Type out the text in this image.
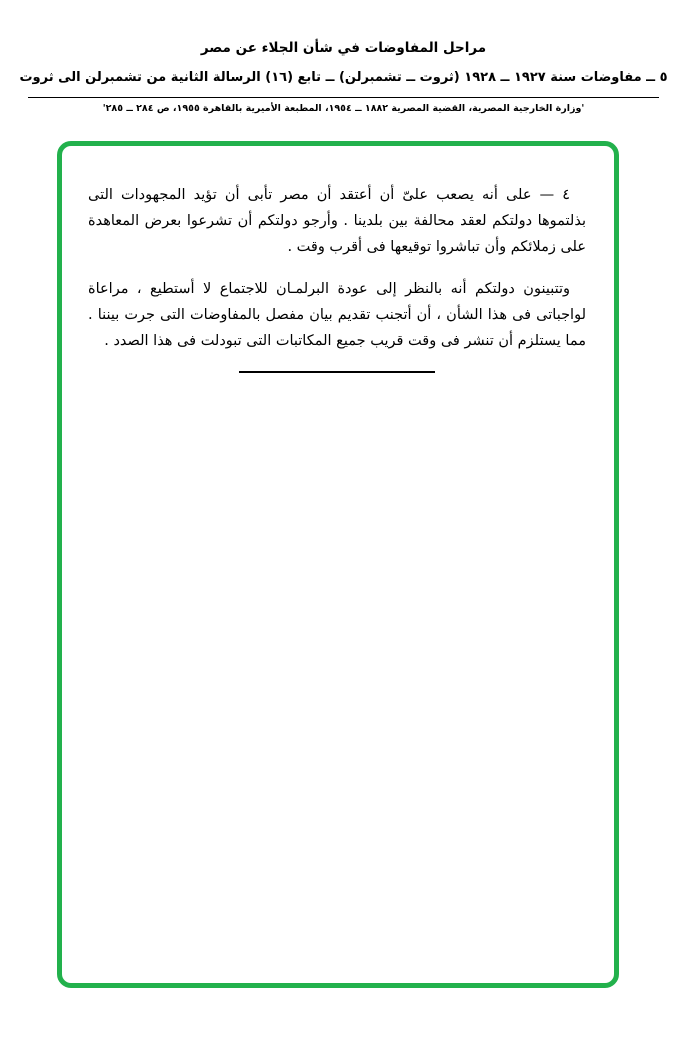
مراحل المفاوضات في شأن الجلاء عن مصر
٥ ــ مفاوضات سنة ١٩٢٧ ــ ١٩٢٨ (ثروت ــ تشمبرلن) ــ تابع (١٦) الرسالة الثانية من تشمبرلن الى ثروت
'وزارة الخارجية المصرية، القضية المصرية ١٨٨٢ ــ ١٩٥٤، المطبعة الأميرية بالقاهرة ١٩٥٥، ص ٢٨٤ ــ ٢٨٥'

٤ — على أنه يصعب علىّ أن أعتقد أن مصر تأبى أن تؤيد المجهودات التى بذلتموها دولتكم لعقد محالفة بين بلدينا . وأرجو دولتكم أن تشرعوا بعرض المعاهدة على زملائكم وأن تباشروا توقيعها فى أقرب وقت .

وتتبينون دولتكم أنه بالنظر إلى عودة البرلمـان للاجتماع لا أستطيع ، مراعاة لواجباتى فى هذا الشأن ، أن أتجنب تقديم بيان مفصل بالمفاوضات التى جرت بيننا . مما يستلزم أن تنشر فى وقت قريب جميع المكاتبات التى تبودلت فى هذا الصدد .
